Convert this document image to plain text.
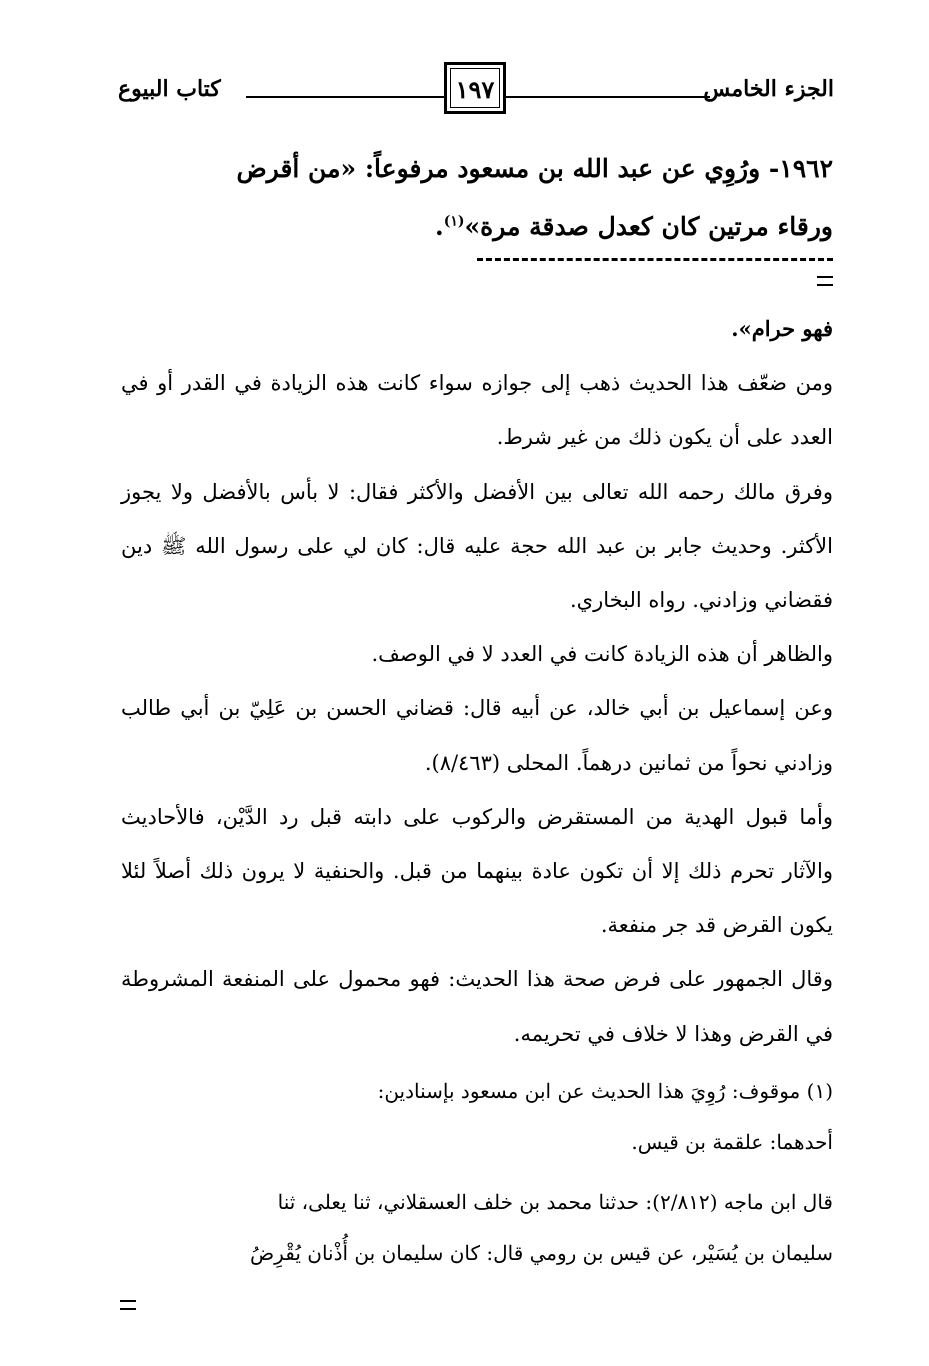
الجزء الخامس
١٩٧
كتاب البيوع
١٩٦٢- ورُوِي عن عبد الله بن مسعود مرفوعاً: «من أقرض
ورقاء مرتين كان كعدل صدقة مرة»$^{(١)}$.

فهو حرام».

ومن ضعّف هذا الحديث ذهب إلى جوازه سواء كانت هذه الزيادة في القدر أو في العدد على أن يكون ذلك من غير شرط.

وفرق مالك رحمه الله تعالى بين الأفضل والأكثر فقال: لا بأس بالأفضل ولا يجوز الأكثر. وحديث جابر بن عبد الله حجة عليه قال: كان لي على رسول الله ﷺ دين فقضاني وزادني. رواه البخاري.

والظاهر أن هذه الزيادة كانت في العدد لا في الوصف.

وعن إسماعيل بن أبي خالد، عن أبيه قال: قضاني الحسن بن عَلِيّ بن أبي طالب وزادني نحواً من ثمانين درهماً. المحلى (٨/٤٦٣).

وأما قبول الهدية من المستقرض والركوب على دابته قبل رد الدَّيْن، فالأحاديث والآثار تحرم ذلك إلا أن تكون عادة بينهما من قبل. والحنفية لا يرون ذلك أصلاً لئلا يكون القرض قد جر منفعة.

وقال الجمهور على فرض صحة هذا الحديث: فهو محمول على المنفعة المشروطة في القرض وهذا لا خلاف في تحريمه.

(١) موقوف: رُوِيَ هذا الحديث عن ابن مسعود بإسنادين:

أحدهما: علقمة بن قيس.

قال ابن ماجه (٢/٨١٢): حدثنا محمد بن خلف العسقلاني، ثنا يعلى، ثنا

سليمان بن يُسَيْر، عن قيس بن رومي قال: كان سليمان بن أُذْنان يُقْرِضُ
